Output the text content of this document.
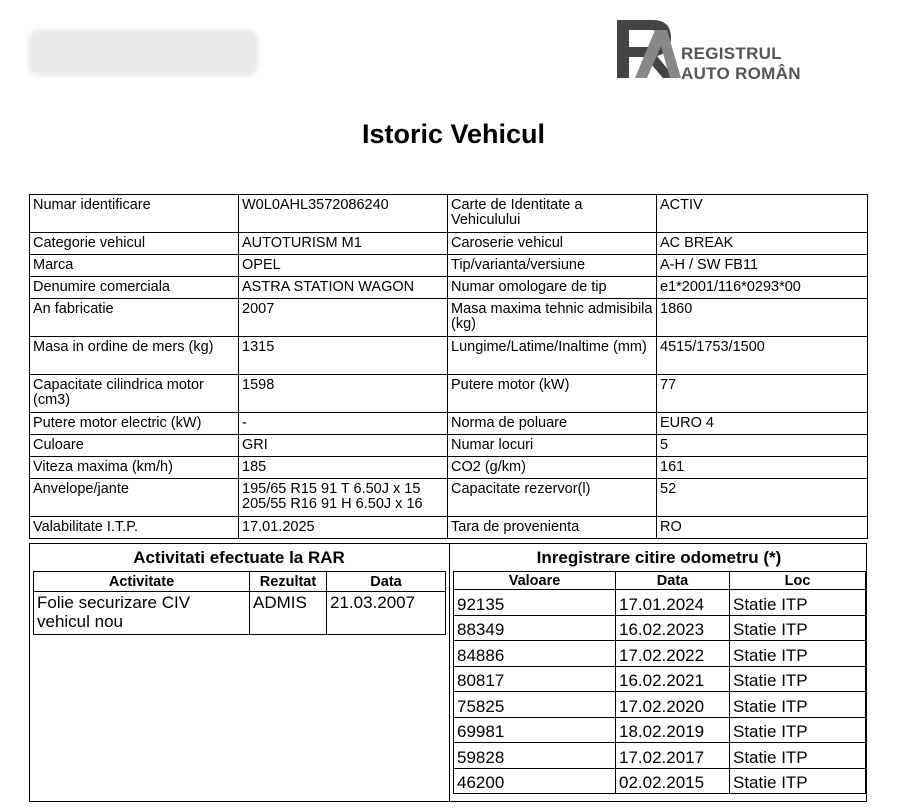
REGISTRUL
AUTO ROMÂN
Istoric Vehicul
Numar identificare	W0L0AHL3572086240	Carte de Identitate a Vehiculului	ACTIV
Categorie vehicul	AUTOTURISM M1	Caroserie vehicul	AC BREAK
Marca	OPEL	Tip/varianta/versiune	A-H / SW FB11
Denumire comerciala	ASTRA STATION WAGON	Numar omologare de tip	e1*2001/116*0293*00
An fabricatie	2007	Masa maxima tehnic admisibila (kg)	1860
Masa in ordine de mers (kg)	1315	Lungime/Latime/Inaltime (mm)	4515/1753/1500
Capacitate cilindrica motor (cm3)	1598	Putere motor (kW)	77
Putere motor electric (kW)	-	Norma de poluare	EURO 4
Culoare	GRI	Numar locuri	5
Viteza maxima (km/h)	185	CO2 (g/km)	161
Anvelope/jante	195/65 R15 91 T 6.50J x 15 205/55 R16 91 H 6.50J x 16	Capacitate rezervor(l)	52
Valabilitate I.T.P.	17.01.2025	Tara de provenienta	RO
Activitati efectuate la RAR	Inregistrare citire odometru (*)
Activitate	Rezultat	Data
Folie securizare CIV vehicul nou	ADMIS	21.03.2007
Valoare	Data	Loc
92135	17.01.2024	Statie ITP
88349	16.02.2023	Statie ITP
84886	17.02.2022	Statie ITP
80817	16.02.2021	Statie ITP
75825	17.02.2020	Statie ITP
69981	18.02.2019	Statie ITP
59828	17.02.2017	Statie ITP
46200	02.02.2015	Statie ITP
